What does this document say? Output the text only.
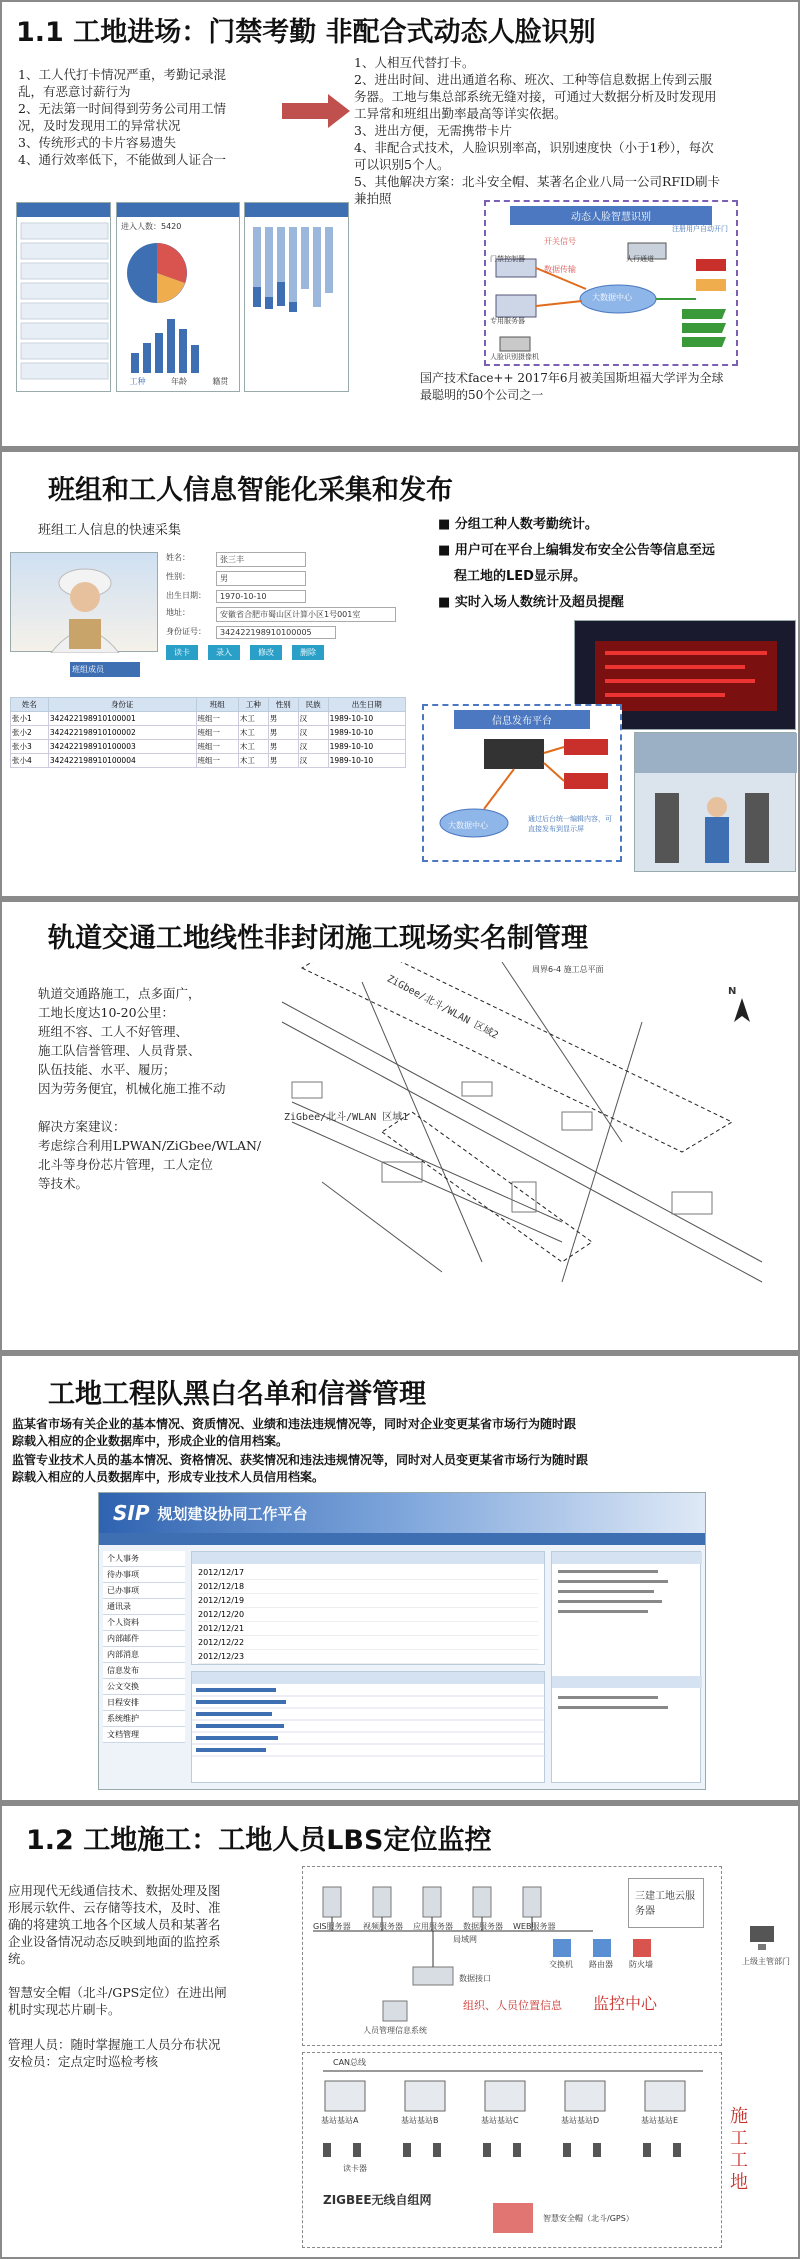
1.1 工地进场：门禁考勤 非配合式动态人脸识别
1、工人代打卡情况严重，考勤记录混
乱，有恶意讨薪行为
2、无法第一时间得到劳务公司用工情
况，及时发现用工的异常状况
3、传统形式的卡片容易遗失
4、通行效率低下，不能做到人证合一
1、人相互代替打卡。
2、进出时间、进出通道名称、班次、工种等信息数据上传到云服
务器。工地与集总部系统无缝对接，可通过大数据分析及时发现用
工异常和班组出勤率最高等详实依据。
3、进出方便，无需携带卡片
4、非配合式技术，人脸识别率高，识别速度快（小于1秒），每次
可以识别5个人。
5、其他解决方案：北斗安全帽、某著名企业八局一公司RFID刷卡
兼拍照
进入人数：5420
工种	年龄	籍贯
动态人脸智慧识别
开关信号
数据传输
大数据中心
门禁控制器
专用服务器
人脸识别摄像机
人行通道
注册用户自动开门
国产技术face++ 2017年6月被美国斯坦福大学评为全球
最聪明的50个公司之一
班组和工人信息智能化采集和发布
班组工人信息的快速采集
姓名：	张三丰
性别：	男
出生日期：	1970-10-10
地址：	安徽省合肥市蜀山区计算小区1号001室
身份证号：	342422198910100005
读卡	录入	修改	删除
班组成员
姓名	身份证	班组	工种	性别	民族	出生日期
张小1	342422198910100001	班组一	木工	男	汉	1989-10-10
张小2	342422198910100002	班组一	木工	男	汉	1989-10-10
张小3	342422198910100003	班组一	木工	男	汉	1989-10-10
张小4	342422198910100004	班组一	木工	男	汉	1989-10-10
■ 分组工种人数考勤统计。
■ 用户可在平台上编辑发布安全公告等信息至远
程工地的LED显示屏。
■ 实时入场人数统计及超员提醒
信息发布平台
大数据中心
通过后台统一编辑内容，可直接发布到显示屏
轨道交通工地线性非封闭施工现场实名制管理
轨道交通路施工，点多面广，
工地长度达10-20公里：
班组不容、工人不好管理、
施工队信誉管理、人员背景、
队伍技能、水平、履历；
因为劳务便宜，机械化施工推不动
解决方案建议：
考虑综合利用LPWAN/ZiGbee/WLAN/
北斗等身份芯片管理，工人定位
等技术。
ZiGbee/北斗/WLAN 区域2
ZiGbee/北斗/WLAN 区域1
周界6-4 施工总平面
N
工地工程队黑白名单和信誉管理
监某省市场有关企业的基本情况、资质情况、业绩和违法违规情况等，同时对企业变更某省市场行为随时跟
踪载入相应的企业数据库中，形成企业的信用档案。
监管专业技术人员的基本情况、资格情况、获奖情况和违法违规情况等，同时对人员变更某省市场行为随时跟
踪载入相应的人员数据库中，形成专业技术人员信用档案。
SIP 规划建设协同工作平台
个人事务
待办事项
已办事项
通讯录
个人资料
内部邮件
内部消息
信息发布
公文交换
日程安排
系统维护
文档管理
2012/12/17
2012/12/18
2012/12/19
2012/12/20
2012/12/21
2012/12/22
2012/12/23
1.2 工地施工：工地人员LBS定位监控
应用现代无线通信技术、数据处理及图
形展示软件、云存储等技术，及时、准
确的将建筑工地各个区域人员和某著名
企业设备情况动态反映到地面的监控系
统。
智慧安全帽（北斗/GPS定位）在进出闸
机时实现芯片刷卡。
管理人员：随时掌握施工人员分布状况
安检员：定点定时巡检考核
GIS服务器 视频服务器 应用服务器 数据服务器 WEB服务器
局域网
交换机 路由器 防火墙
人员管理信息系统
数据接口
组织、人员位置信息 监控中心
三建工地云服务器
上级主管部门
CAN总线
基站基站A	基站基站B	基站基站C	基站基站D	基站基站E
读卡器
ZIGBEE无线自组网
智慧安全帽（北斗/GPS）
施工工地
